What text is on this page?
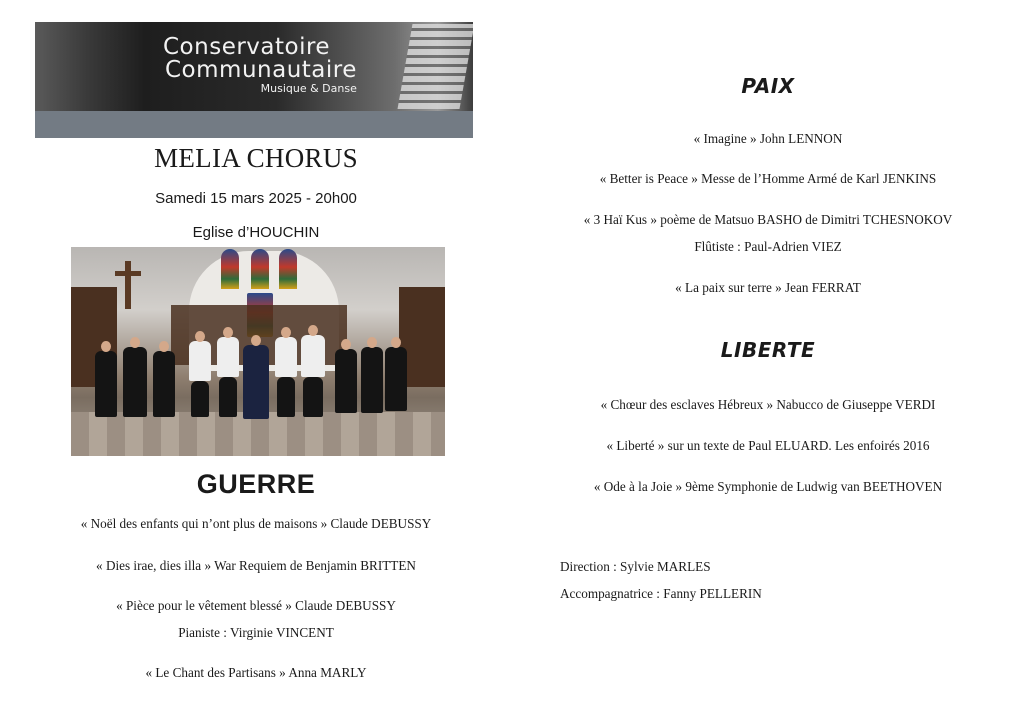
Conservatoire
Communautaire
Musique & Danse
MELIA CHORUS
Samedi 15 mars 2025 - 20h00
Eglise d’HOUCHIN
GUERRE
« Noël des enfants qui n’ont plus de maisons » Claude DEBUSSY
« Dies irae, dies illa » War Requiem de Benjamin BRITTEN
« Pièce pour le vêtement blessé » Claude DEBUSSY
Pianiste : Virginie VINCENT
« Le Chant des Partisans » Anna MARLY
PAIX
« Imagine » John LENNON
« Better is Peace » Messe de l’Homme Armé de Karl JENKINS
« 3 Haï Kus » poème de Matsuo BASHO de Dimitri TCHESNOKOV
Flûtiste : Paul-Adrien VIEZ
« La paix sur terre » Jean FERRAT
LIBERTE
« Chœur des esclaves Hébreux » Nabucco de Giuseppe VERDI
« Liberté » sur un texte de Paul ELUARD. Les enfoirés 2016
« Ode à la Joie » 9ème Symphonie de Ludwig van BEETHOVEN
Direction : Sylvie MARLES
Accompagnatrice : Fanny PELLERIN
